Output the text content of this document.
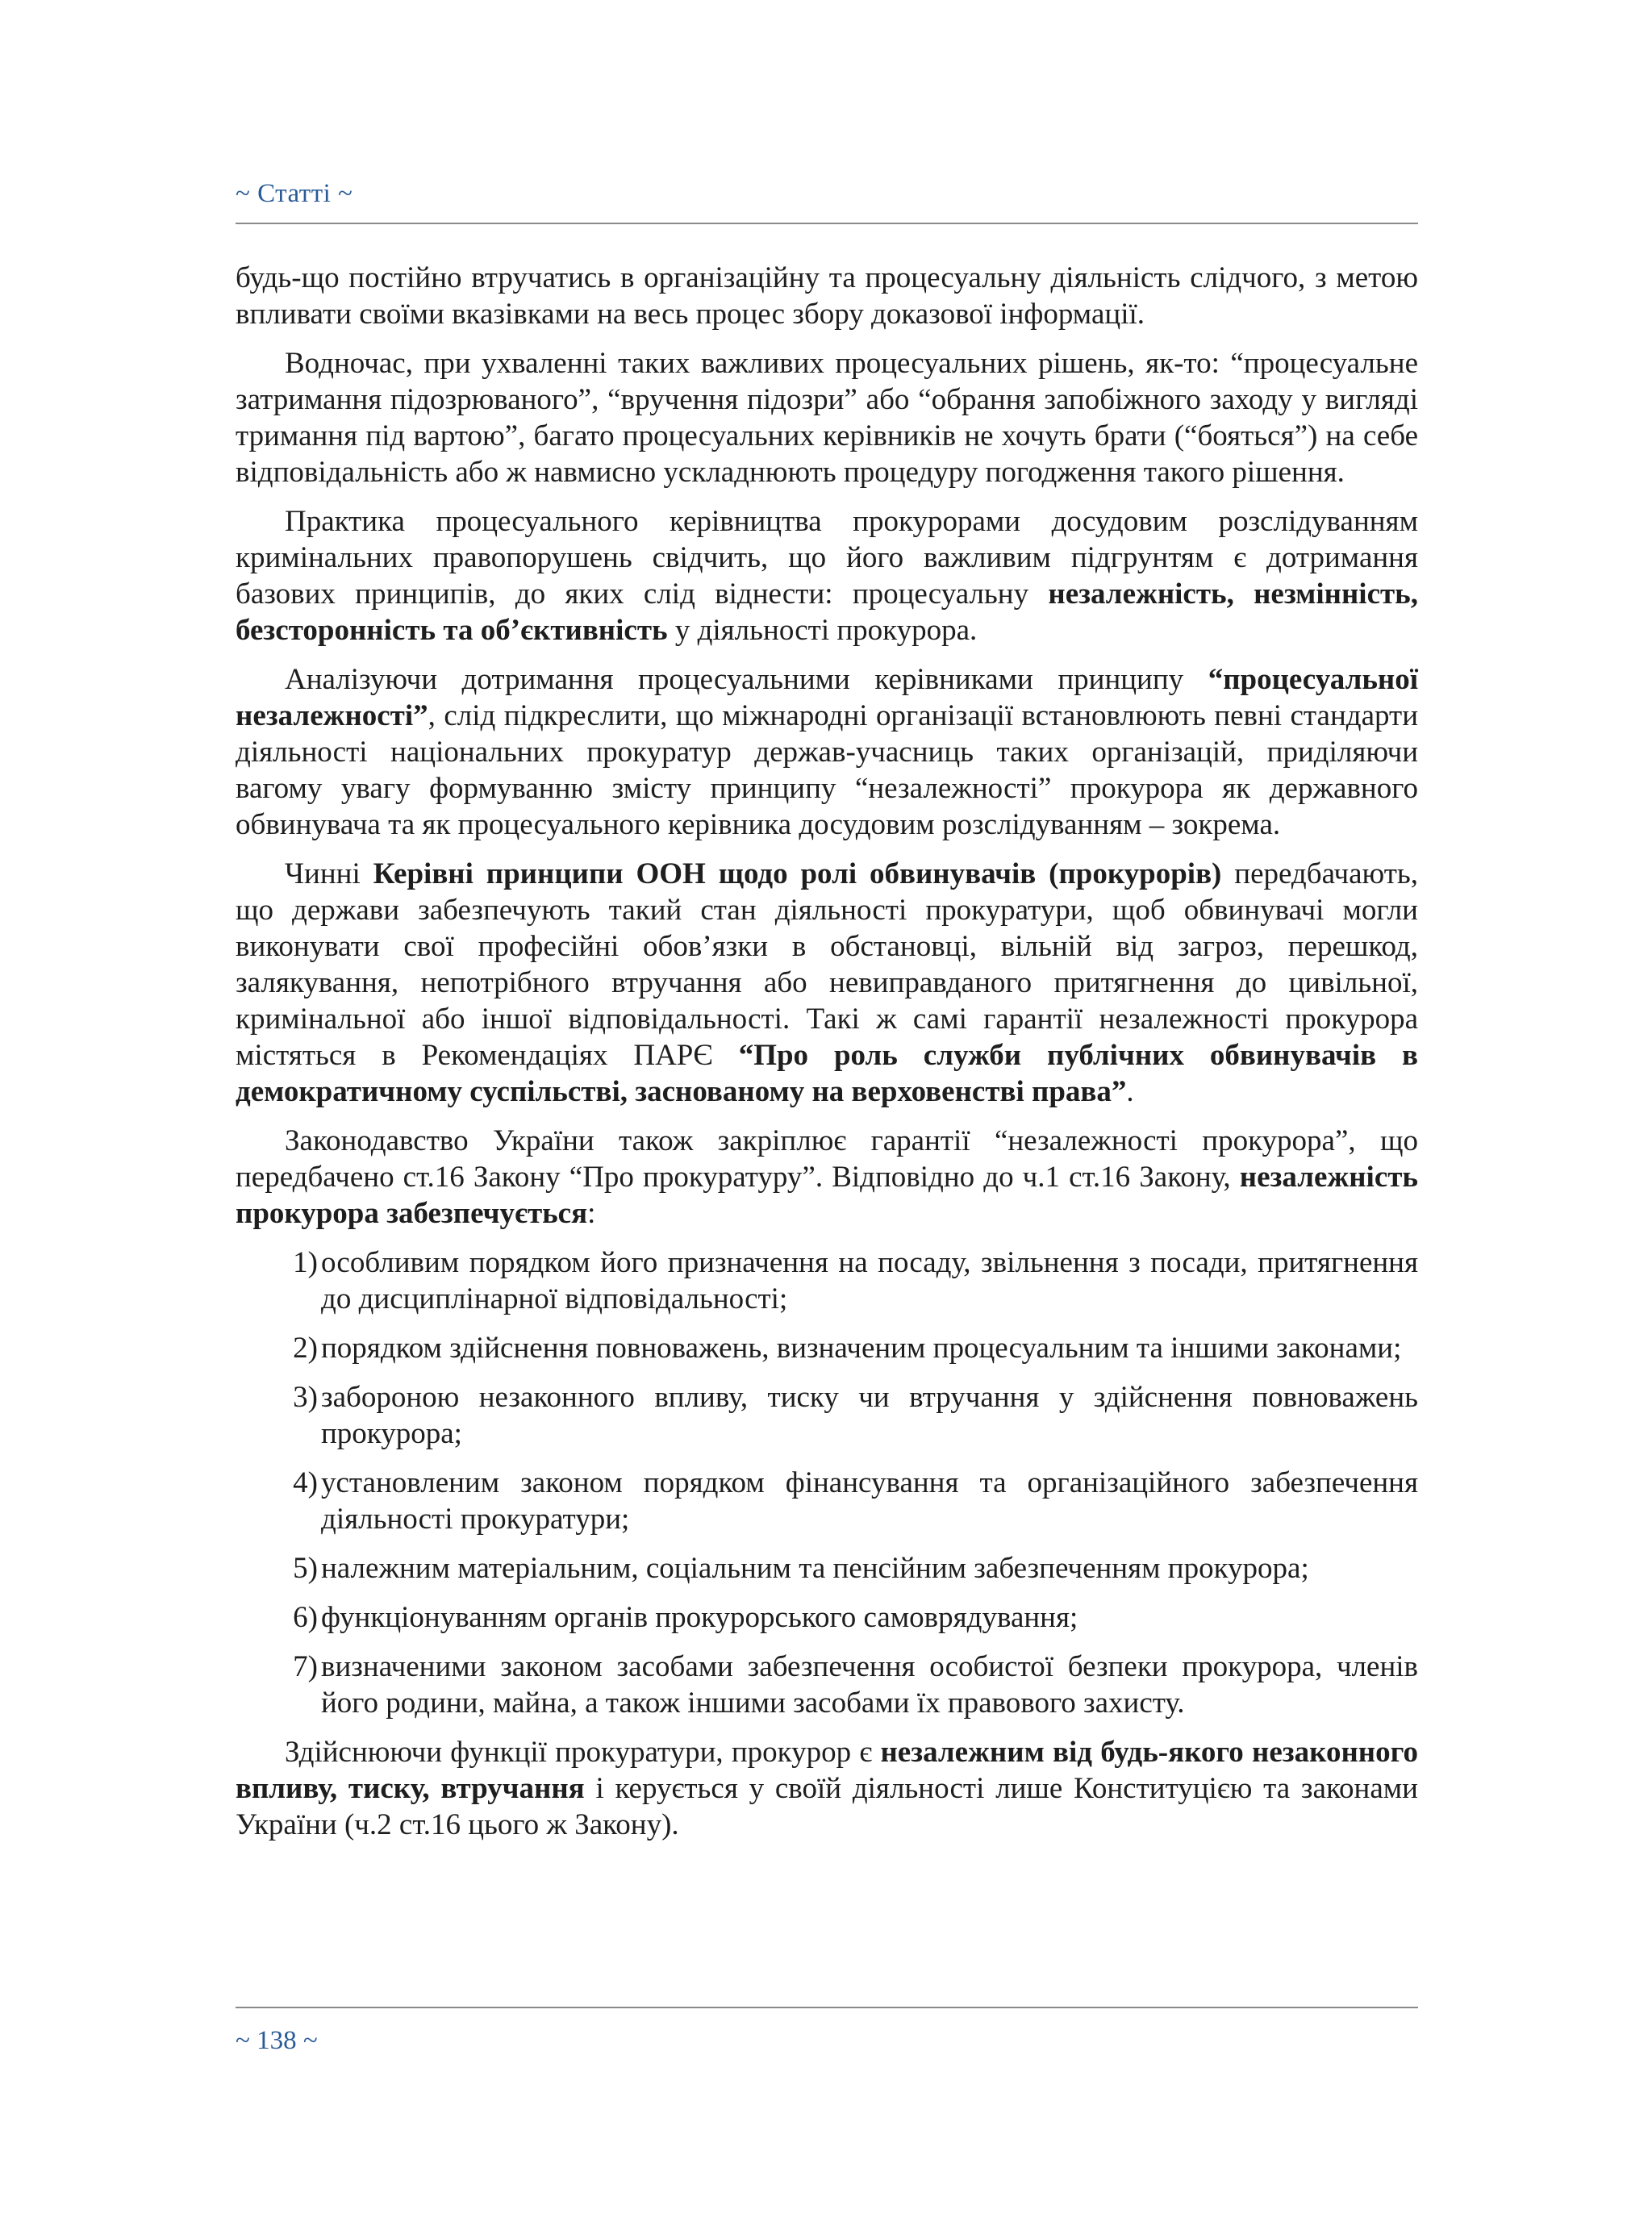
~ Статті ~

будь-що постійно втручатись в організаційну та процесуальну діяльність слідчого, з метою впливати своїми вказівками на весь процес збору доказової інформації.

Водночас, при ухваленні таких важливих процесуальних рішень, як-то: “процесуальне затримання підозрюваного”, “вручення підозри” або “обрання запобіжного заходу у вигляді тримання під вартою”, багато процесуальних керівників не хочуть брати (“бояться”) на себе відповідальність або ж навмисно ускладнюють процедуру погодження такого рішення.

Практика процесуального керівництва прокурорами досудовим розслідуванням кримінальних правопорушень свідчить, що його важливим підгрунтям є дотримання базових принципів, до яких слід віднести: процесуальну незалежність, незмінність, безсторонність та об’єктивність у діяльності прокурора.

Аналізуючи дотримання процесуальними керівниками принципу “процесуальної незалежності”, слід підкреслити, що міжнародні організації встановлюють певні стандарти діяльності національних прокуратур держав-учасниць таких організацій, приділяючи вагому увагу формуванню змісту принципу “незалежності” прокурора як державного обвинувача та як процесуального керівника досудовим розслідуванням – зокрема.

Чинні Керівні принципи ООН щодо ролі обвинувачів (прокурорів) передбачають, що держави забезпечують такий стан діяльності прокуратури, щоб обвинувачі могли виконувати свої професійні обов’язки в обстановці, вільній від загроз, перешкод, залякування, непотрібного втручання або невиправданого притягнення до цивільної, кримінальної або іншої відповідальності. Такі ж самі гарантії незалежності прокурора містяться в Рекомендаціях ПАРЄ “Про роль служби публічних обвинувачів в демократичному суспільстві, заснованому на верховенстві права”.

Законодавство України також закріплює гарантії “незалежності прокурора”, що передбачено ст.16 Закону “Про прокуратуру”. Відповідно до ч.1 ст.16 Закону, незалежність прокурора забезпечується:

1) особливим порядком його призначення на посаду, звільнення з посади, притягнення до дисциплінарної відповідальності;
2) порядком здійснення повноважень, визначеним процесуальним та іншими законами;
3) забороною незаконного впливу, тиску чи втручання у здійснення повноважень прокурора;
4) установленим законом порядком фінансування та організаційного забезпечення діяльності прокуратури;
5) належним матеріальним, соціальним та пенсійним забезпеченням прокурора;
6) функціонуванням органів прокурорського самоврядування;
7) визначеними законом засобами забезпечення особистої безпеки прокурора, членів його родини, майна, а також іншими засобами їх правового захисту.

Здійснюючи функції прокуратури, прокурор є незалежним від будь-якого незаконного впливу, тиску, втручання і керується у своїй діяльності лише Конституцією та законами України (ч.2 ст.16 цього ж Закону).

~ 138 ~
